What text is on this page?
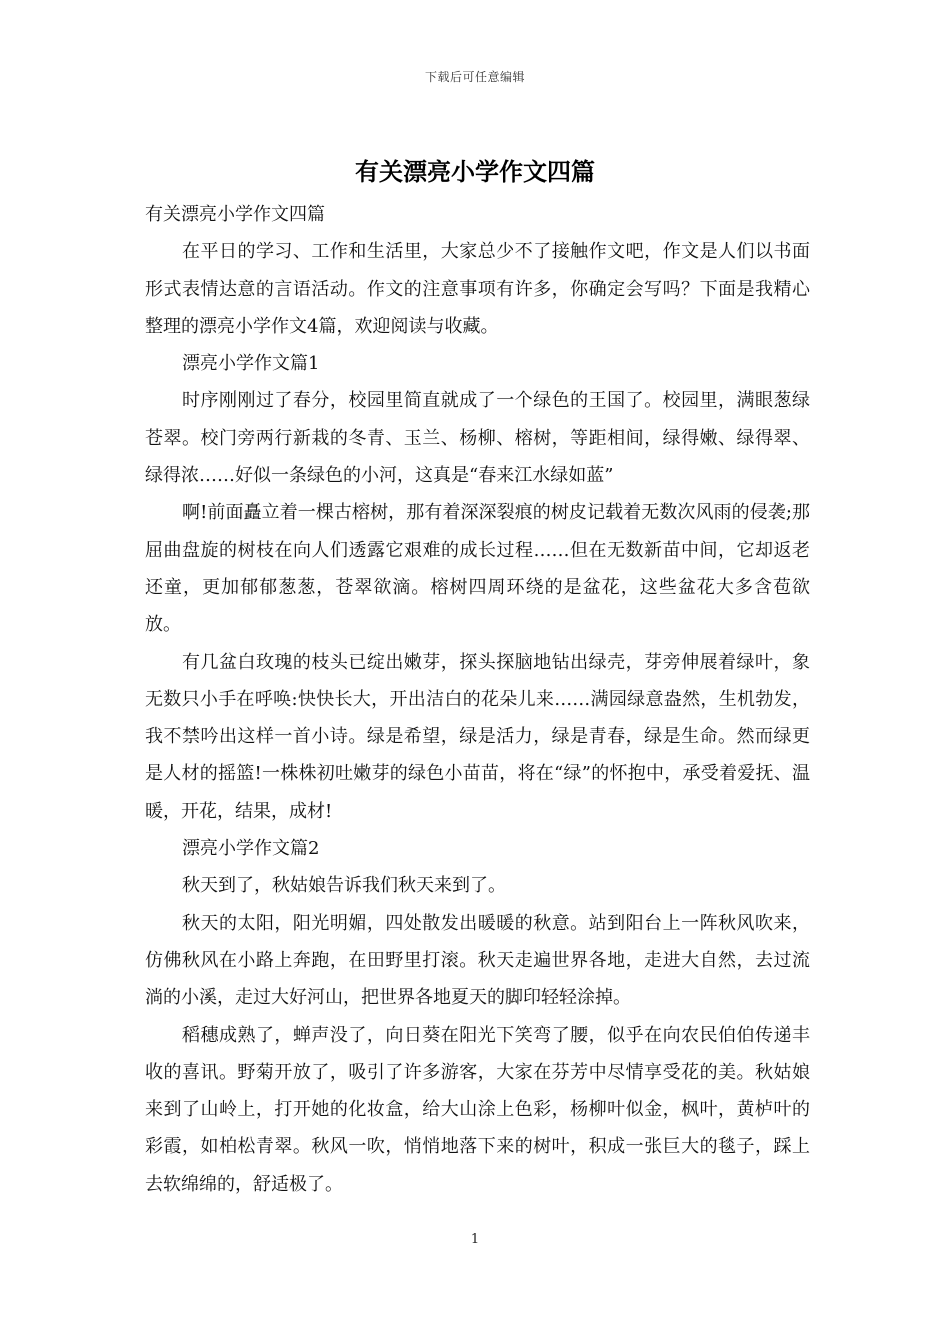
下载后可任意编辑
有关漂亮小学作文四篇

有关漂亮小学作文四篇

在平日的学习、工作和生活里，大家总少不了接触作文吧，作文是人们以书面形式表情达意的言语活动。作文的注意事项有许多，你确定会写吗？下面是我精心整理的漂亮小学作文4篇，欢迎阅读与收藏。

漂亮小学作文篇1

时序刚刚过了春分，校园里简直就成了一个绿色的王国了。校园里，满眼葱绿苍翠。校门旁两行新栽的冬青、玉兰、杨柳、榕树，等距相间，绿得嫩、绿得翠、绿得浓……好似一条绿色的小河，这真是“春来江水绿如蓝”

啊!前面矗立着一棵古榕树，那有着深深裂痕的树皮记载着无数次风雨的侵袭;那屈曲盘旋的树枝在向人们透露它艰难的成长过程……但在无数新苗中间，它却返老还童，更加郁郁葱葱，苍翠欲滴。榕树四周环绕的是盆花，这些盆花大多含苞欲放。

有几盆白玫瑰的枝头已绽出嫩芽，探头探脑地钻出绿壳，芽旁伸展着绿叶，象无数只小手在呼唤:快快长大，开出洁白的花朵儿来……满园绿意盎然，生机勃发，我不禁吟出这样一首小诗。绿是希望，绿是活力，绿是青春，绿是生命。然而绿更是人材的摇篮!一株株初吐嫩芽的绿色小苗苗，将在“绿”的怀抱中，承受着爱抚、温暖，开花，结果，成材!

漂亮小学作文篇2

秋天到了，秋姑娘告诉我们秋天来到了。

秋天的太阳，阳光明媚，四处散发出暖暖的秋意。站到阳台上一阵秋风吹来，仿佛秋风在小路上奔跑，在田野里打滚。秋天走遍世界各地，走进大自然，去过流淌的小溪，走过大好河山，把世界各地夏天的脚印轻轻涂掉。

稻穗成熟了，蝉声没了，向日葵在阳光下笑弯了腰，似乎在向农民伯伯传递丰收的喜讯。野菊开放了，吸引了许多游客，大家在芬芳中尽情享受花的美。秋姑娘来到了山岭上，打开她的化妆盒，给大山涂上色彩，杨柳叶似金，枫叶，黄栌叶的彩霞，如柏松青翠。秋风一吹，悄悄地落下来的树叶，积成一张巨大的毯子，踩上去软绵绵的，舒适极了。

1
